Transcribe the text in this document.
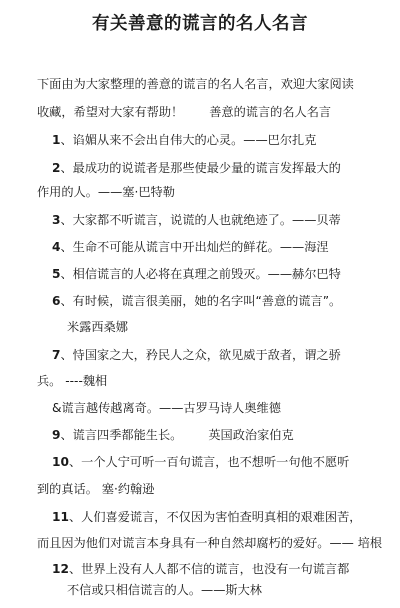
有关善意的谎言的名人名言
下面由为大家整理的善意的谎言的名人名言，欢迎大家阅读
收藏，希望对大家有帮助！ 善意的谎言的名人名言
1、谄媚从来不会出自伟大的心灵。——巴尔扎克
2、最成功的说谎者是那些使最少量的谎言发挥最大的
作用的人。——塞·巴特勒
3、大家都不听谎言，说谎的人也就绝迹了。——贝蒂
4、生命不可能从谎言中开出灿烂的鲜花。——海涅
5、相信谎言的人必将在真理之前毁灭。——赫尔巴特
6、有时候，谎言很美丽，她的名字叫“善意的谎言”。
米露西桑娜
7、恃国家之大，矜民人之众，欲见威于敌者，谓之骄
兵。 ----魏相
&谎言越传越离奇。——古罗马诗人奥维德
9、谎言四季都能生长。 英国政治家伯克
10、一个人宁可听一百句谎言，也不想听一句他不愿听
到的真话。 塞·约翰逊
11、人们喜爱谎言，不仅因为害怕查明真相的艰难困苦，
而且因为他们对谎言本身具有一种自然却腐朽的爱好。—— 培根
12、世界上没有人人都不信的谎言，也没有一句谎言都
不信或只相信谎言的人。——斯大林
